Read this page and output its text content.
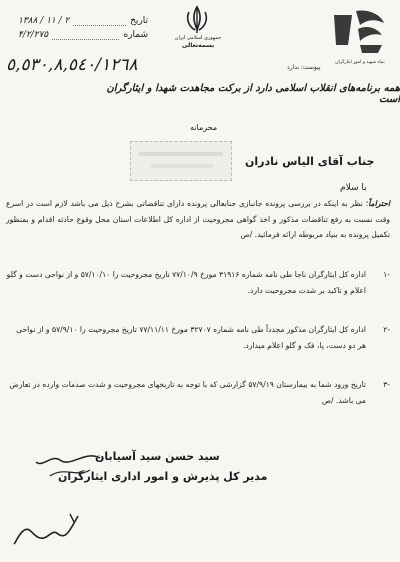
جمهوری اسلامی ایران
بسمه‌تعالی
بنیاد شهید و امور ایثارگران
۱۳۸۸ / ۱۱ / ۲	تاریخ
۴/۲/۲۷۵	شماره
٥,٥٣٠,٨,٥٤٠/١٢٦٨	پیوست: ندارد
همه برنامه‌های انقلاب اسلامی دارد از برکت مجاهدت شهدا و ایثارگران است
محرمانه
جناب آقای الیاس نادران
با سلام
احتراماً؛ نظر به اینکه در بررسی پرونده جانبازی جنابعالی پرونده دارای تناقضاتی بشرح ذیل می باشد لازم است در اسرع وقت نسبت به رفع تناقضات مذکور و اخذ گواهی مجروحیت از اداره کل اطلاعات استان محل وقوع حادثه اقدام و بمنظور تکمیل پرونده به بنیاد مربوطه ارائه فرمائید. /ص
-۱
اداره کل ایثارگران ناجا طی نامه شماره ۳۱۹۱۶ مورخ ۷۷/۱۰/۹ تاریخ مجروحیت را ۵۷/۱۰/۱۰ و از نواحی دست و گلو اعلام و تاکید بر شدت مجروحیت دارد.
-۲
اداره کل ایثارگران مذکور مجدداً طی نامه شماره ۳۲۷۰۷ مورخ ۷۷/۱۱/۱۱ تاریخ مجروحیت را ۵۷/۹/۱۰ و از نواحی هر دو دست، پا، فک و گلو اعلام میدارد.
-۳
تاریخ ورود شما به بیمارستان ۵۷/۹/۱۹ گزارشی که با توجه به تاریخهای مجروحیت و شدت صدمات وارده در تعارض می باشد. /ص
سید حسن سید آسیابان
مدیر کل پذیرش و امور اداری ایثارگران
